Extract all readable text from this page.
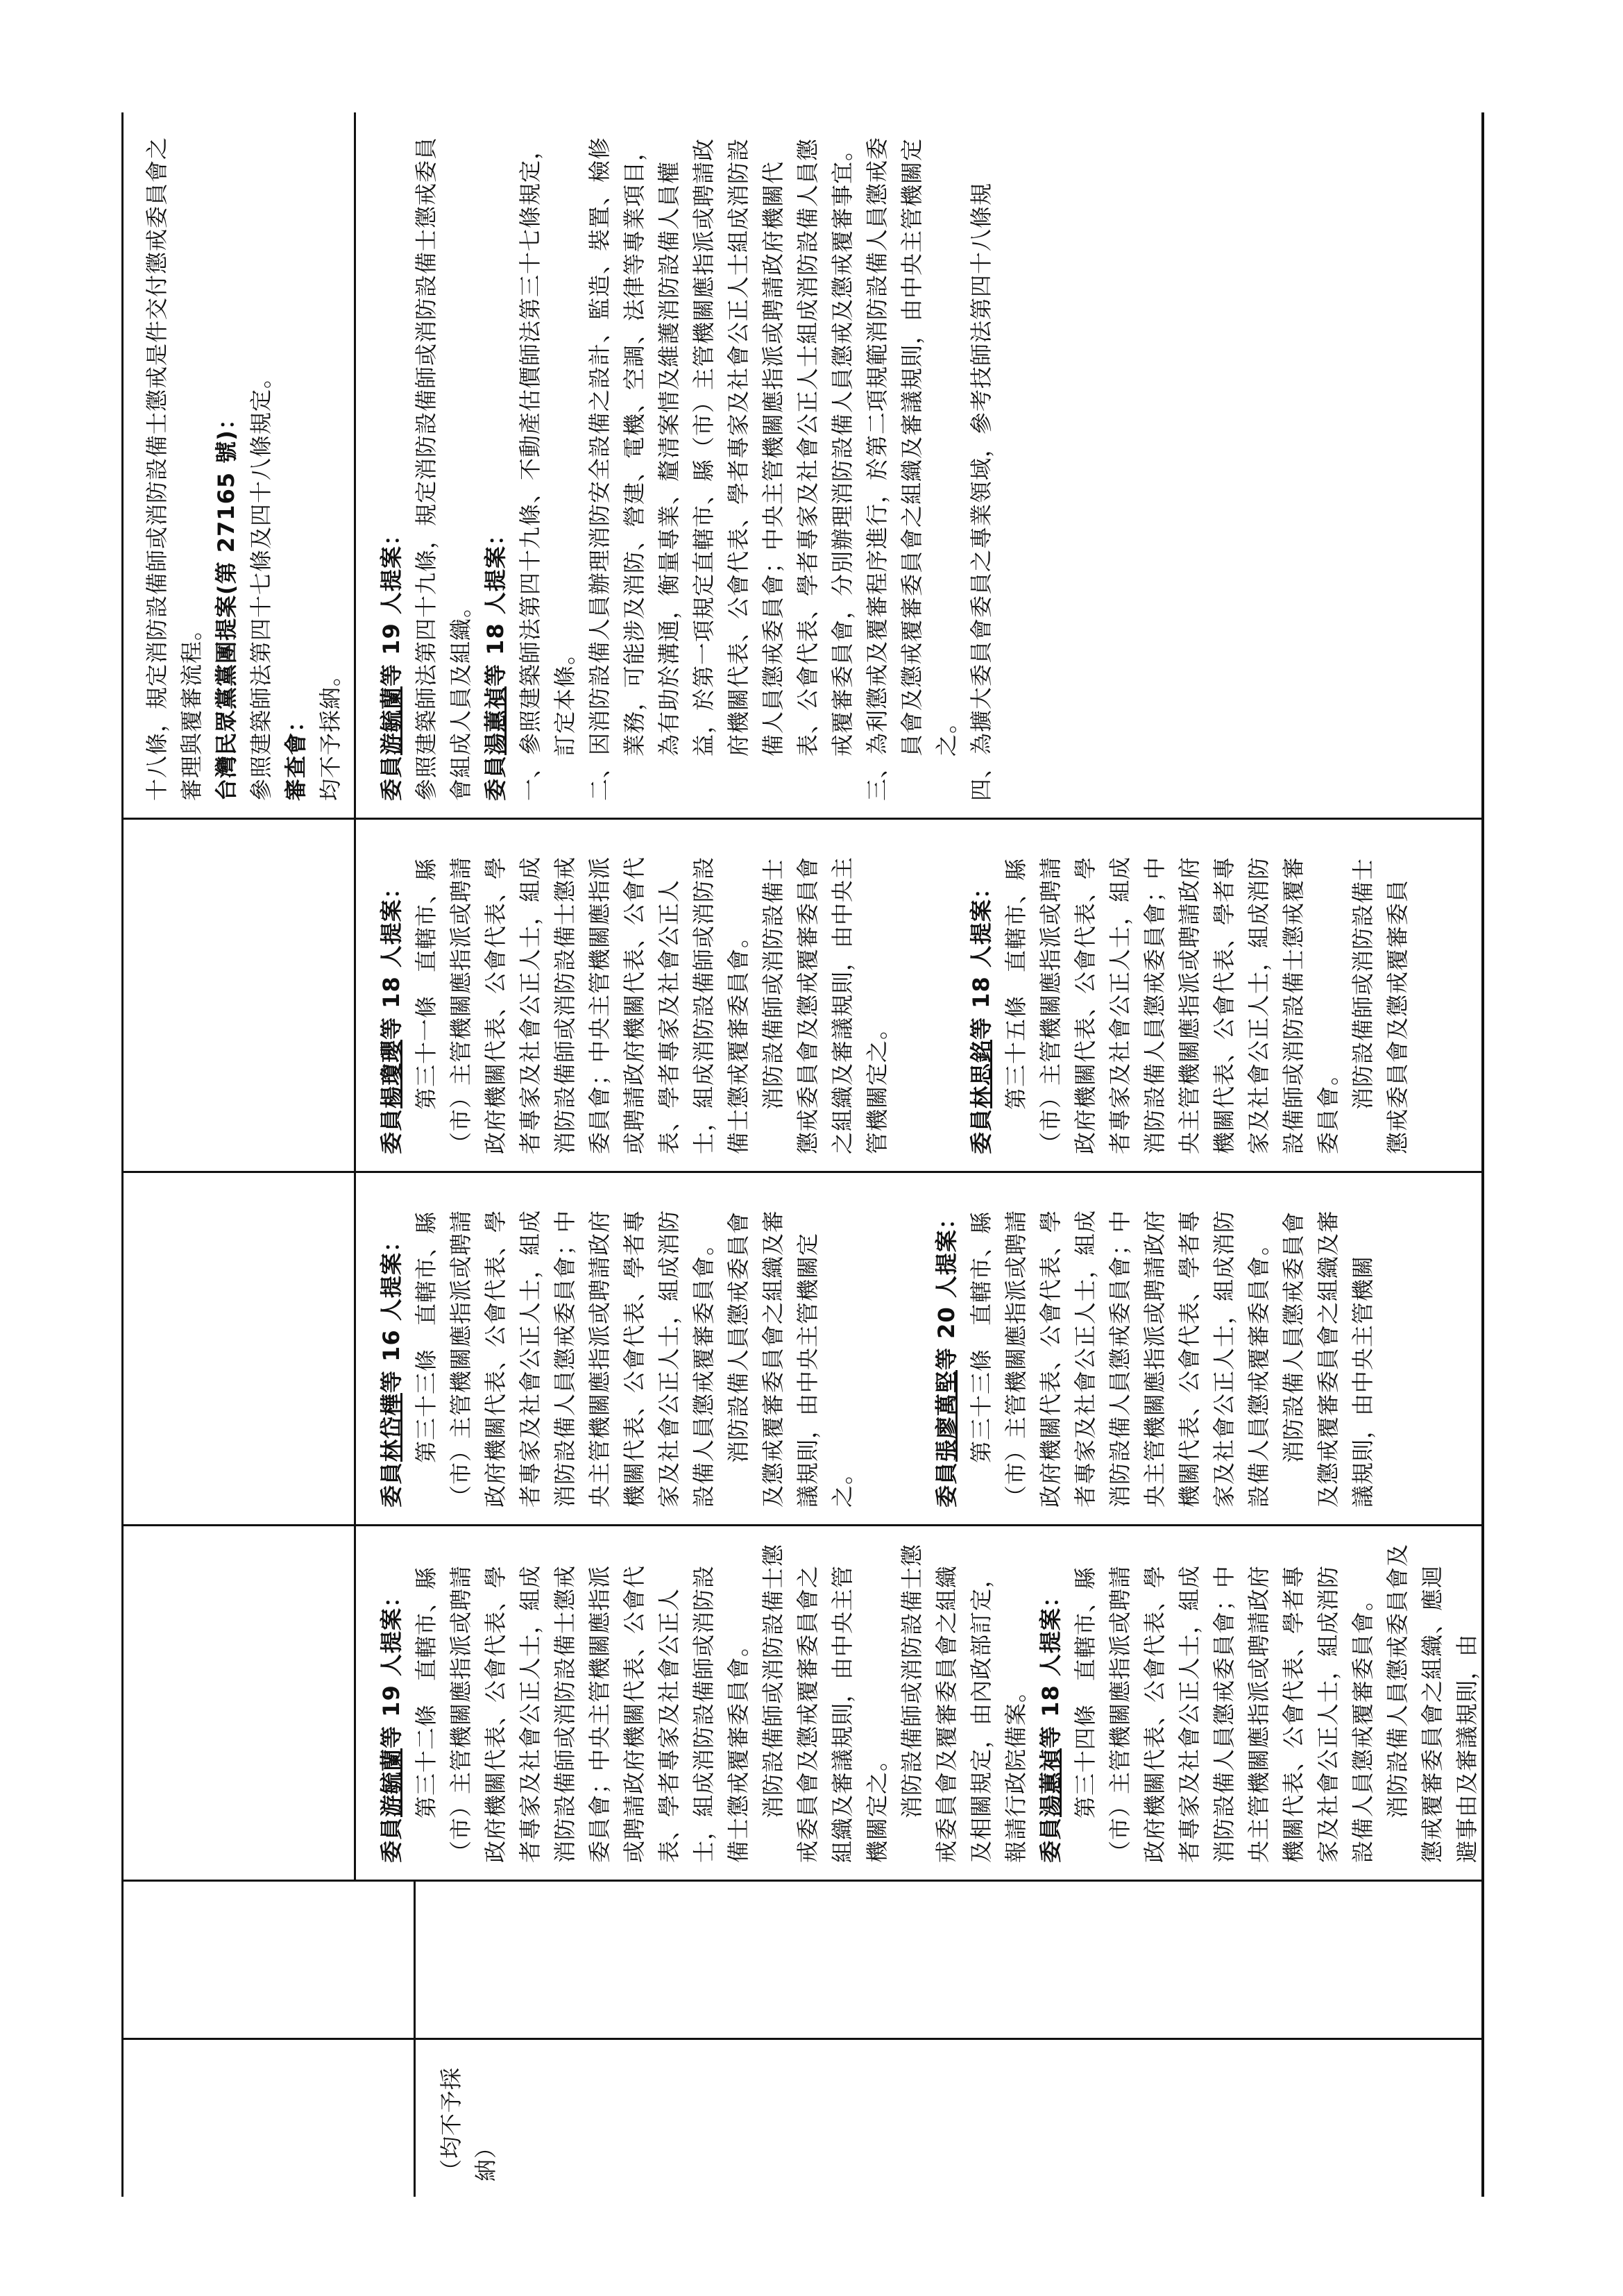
（均不予採納）

十八條，規定消防設備師或消防設備士懲戒是件交付懲戒委員會之審理與覆審流程。 台灣民眾黨黨團提案(第 27165 號)： 參照建築師法第四十七條及四十八條規定。 審查會： 均不予採納。

委員游毓蘭等 19 人提案： 第三十二條　直轄市、縣（市）主管機關應指派或聘請政府機關代表、公會代表、學者專家及社會公正人士，組成消防設備師或消防設備士懲戒委員會；中央主管機關應指派或聘請政府機關代表、公會代表、學者專家及社會公正人士，組成消防設備師或消防設備士懲戒覆審委員會。 消防設備師或消防設備士懲戒委員會及懲戒覆審委員會之組織及審議規則，由中央主管機關定之。 消防設備師或消防設備士懲戒委員會及覆審委員會之組織及相關規定，由內政部訂定，報請行政院備案。 委員湯蕙禎等 18 人提案： 第三十四條　直轄市、縣（市）主管機關應指派或聘請政府機關代表、公會代表、學者專家及社會公正人士，組成消防設備人員懲戒委員會；中央主管機關應指派或聘請政府機關代表、公會代表、學者專家及社會公正人士，組成消防設備人員懲戒覆審委員會。 消防設備人員懲戒委員會及懲戒覆審委員會之組織、應迴避事由及審議規則，由

委員林岱樺等 16 人提案： 第三十三條　直轄市、縣（市）主管機關應指派或聘請政府機關代表、公會代表、學者專家及社會公正人士，組成消防設備人員懲戒委員會；中央主管機關應指派或聘請政府機關代表、公會代表、學者專家及社會公正人士，組成消防設備人員懲戒覆審委員會。 消防設備人員懲戒委員會及懲戒覆審委員會之組織及審議規則，由中央主管機關定之。	委員張廖萬堅等 20 人提案： 第三十三條　直轄市、縣（市）主管機關應指派或聘請政府機關代表、公會代表、學者專家及社會公正人士，組成消防設備人員懲戒委員會；中央主管機關應指派或聘請政府機關代表、公會代表、學者專家及社會公正人士，組成消防設備人員懲戒覆審委員會。 消防設備人員懲戒委員會及懲戒覆審委員會之組織及審議規則，由中央主管機關

委員楊瓊瓔等 18 人提案： 第三十一條　直轄市、縣（市）主管機關應指派或聘請政府機關代表、公會代表、學者專家及社會公正人士，組成消防設備師或消防設備士懲戒委員會；中央主管機關應指派或聘請政府機關代表、公會代表、學者專家及社會公正人士，組成消防設備師或消防設備士懲戒覆審委員會。 消防設備師或消防設備士懲戒委員會及懲戒覆審委員會之組織及審議規則，由中央主管機關定之。	委員林思銘等 18 人提案： 第三十五條　直轄市、縣（市）主管機關應指派或聘請政府機關代表、公會代表、學者專家及社會公正人士，組成消防設備人員懲戒委員會；中央主管機關應指派或聘請政府機關代表、公會代表、學者專家及社會公正人士，組成消防設備師或消防設備士懲戒覆審委員會。 消防設備師或消防設備士懲戒委員會及懲戒覆審委員

委員游毓蘭等 19 人提案： 參照建築師法第四十九條，規定消防設備師或消防設備士懲戒委員會組成人員及組織。 委員湯蕙禎等 18 人提案： 一、參照建築師法第四十九條、不動產估價師法第三十七條規定，訂定本條。 二、因消防設備人員辦理消防安全設備之設計、監造、裝置、檢修業務，可能涉及消防、營建、電機、空調、法律等專業項目，為有助於溝通，衡量專業、釐清案情及維護消防設備人員權益，於第一項規定直轄市、縣（市）主管機關應指派或聘請政府機關代表、公會代表、學者專家及社會公正人士組成消防設備人員懲戒委員會；中央主管機關應指派或聘請政府機關代表、公會代表、學者專家及社會公正人士組成消防設備人員懲戒覆審委員會，分別辦理消防設備人員懲戒及懲戒覆審事宜。 三、為利懲戒及覆審程序進行，於第二項規範消防設備人員懲戒委員會及懲戒覆審委員會之組織及審議規則，由中央主管機關定之。 四、為擴大委員會委員之專業領域，參考技師法第四十八條規
